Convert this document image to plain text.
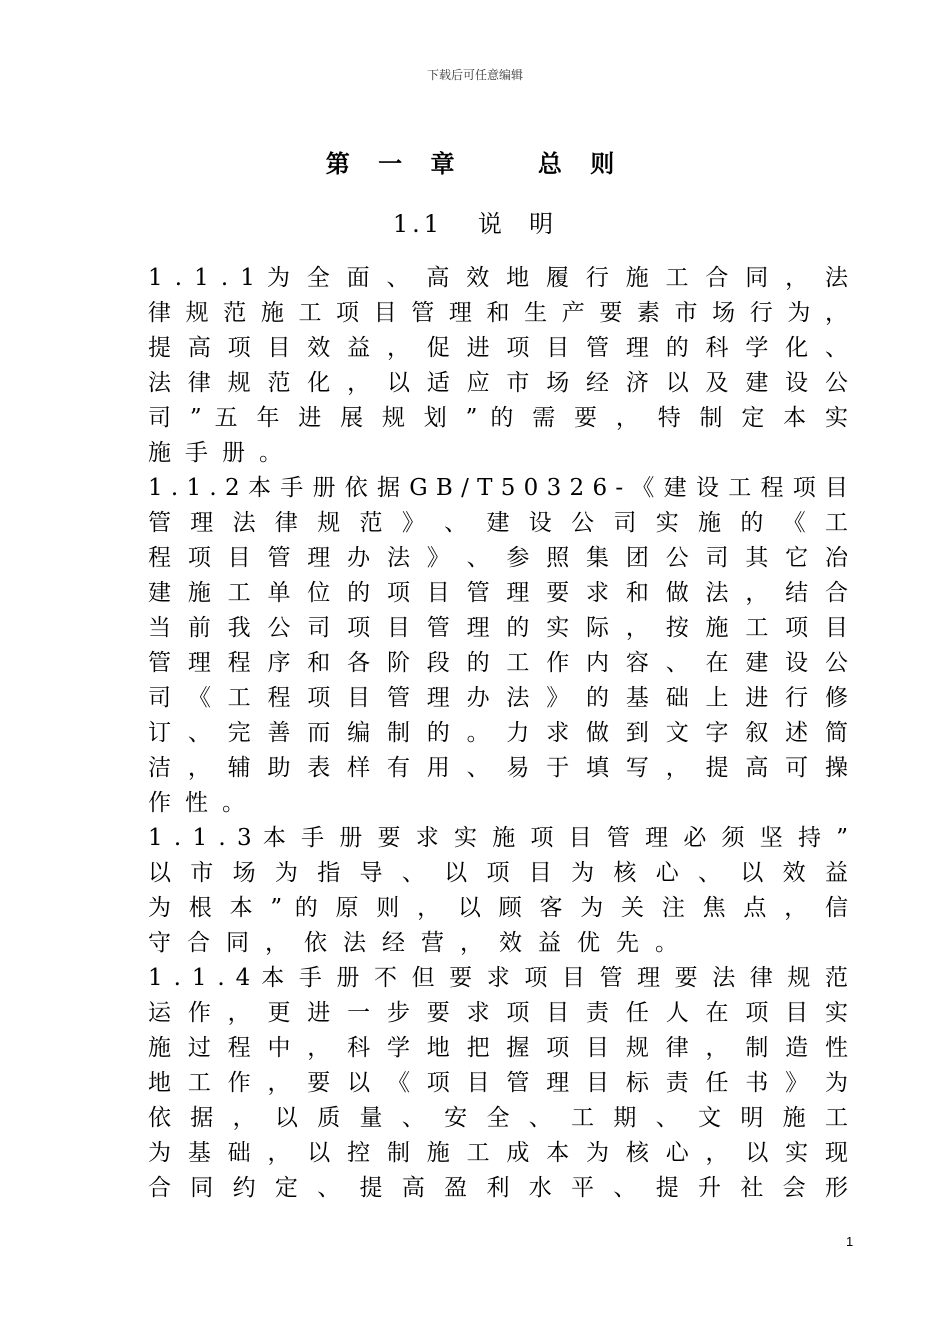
下载后可任意编辑
第 一 章    总 则
1.1   说  明
1 . 1 . 1 为 全 面 、 高 效 地 履 行 施 工 合 同 ， 法
律 规 范 施 工 项 目 管 理 和 生 产 要 素 市 场 行 为 ，
提 高 项 目 效 益 ， 促 进 项 目 管 理 的 科 学 化 、
法 律 规 范 化 ， 以 适 应 市 场 经 济 以 及 建 设 公
司 ” 五 年 进 展 规 划 ” 的 需 要 ， 特 制 定 本 实
施手册。
1 . 1 . 2 本 手 册 依 据 G B / T 5 0 3 2 6 - 《 建 设 工 程 项 目
管 理 法 律 规 范 》 、 建 设 公 司 实 施 的 《 工
程 项 目 管 理 办 法 》 、 参 照 集 团 公 司 其 它 冶
建 施 工 单 位 的 项 目 管 理 要 求 和 做 法 ， 结 合
当 前 我 公 司 项 目 管 理 的 实 际 ， 按 施 工 项 目
管 理 程 序 和 各 阶 段 的 工 作 内 容 、 在 建 设 公
司 《 工 程 项 目 管 理 办 法 》 的 基 础 上 进 行 修
订 、 完 善 而 编 制 的 。 力 求 做 到 文 字 叙 述 简
洁 ， 辅 助 表 样 有 用 、 易 于 填 写 ， 提 高 可 操
作性。
1 . 1 . 3 本 手 册 要 求 实 施 项 目 管 理 必 须 坚 持 ”
以 市 场 为 指 导 、 以 项 目 为 核 心 、 以 效 益
为 根 本 ” 的 原 则 ， 以 顾 客 为 关 注 焦 点 ， 信
守合同，依法经营，效益优先。
1 . 1 . 4 本 手 册 不 但 要 求 项 目 管 理 要 法 律 规 范
运 作 ， 更 进 一 步 要 求 项 目 责 任 人 在 项 目 实
施 过 程 中 ， 科 学 地 把 握 项 目 规 律 ， 制 造 性
地 工 作 ， 要 以 《 项 目 管 理 目 标 责 任 书 》 为
依 据 ， 以 质 量 、 安 全 、 工 期 、 文 明 施 工
为 基 础 ， 以 控 制 施 工 成 本 为 核 心 ， 以 实 现
合 同 约 定 、 提 高 盈 利 水 平 、 提 升 社 会 形
1
